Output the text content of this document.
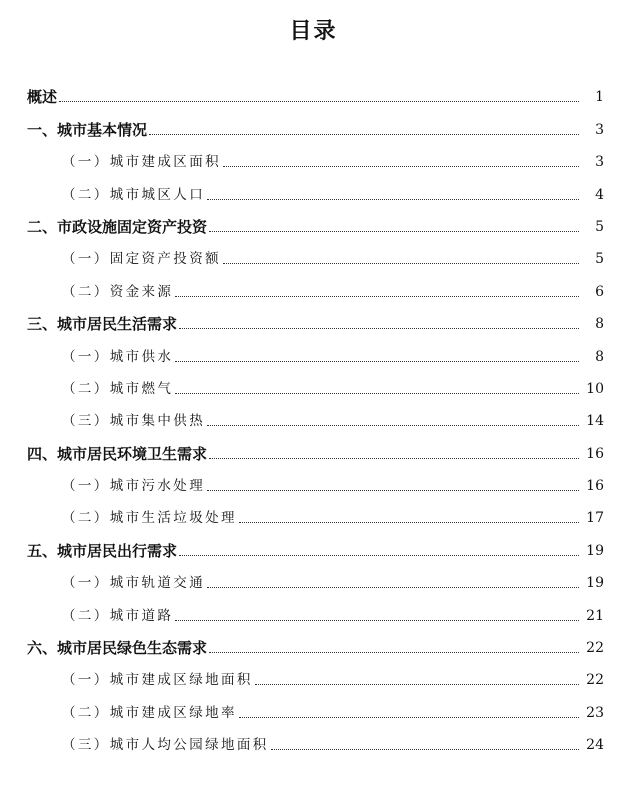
目录
概述	1
一、城市基本情况	3
（一）城市建成区面积	3
（二）城市城区人口	4
二、市政设施固定资产投资	5
（一）固定资产投资额	5
（二）资金来源	6
三、城市居民生活需求	8
（一）城市供水	8
（二）城市燃气	10
（三）城市集中供热	14
四、城市居民环境卫生需求	16
（一）城市污水处理	16
（二）城市生活垃圾处理	17
五、城市居民出行需求	19
（一）城市轨道交通	19
（二）城市道路	21
六、城市居民绿色生态需求	22
（一）城市建成区绿地面积	22
（二）城市建成区绿地率	23
（三）城市人均公园绿地面积	24
